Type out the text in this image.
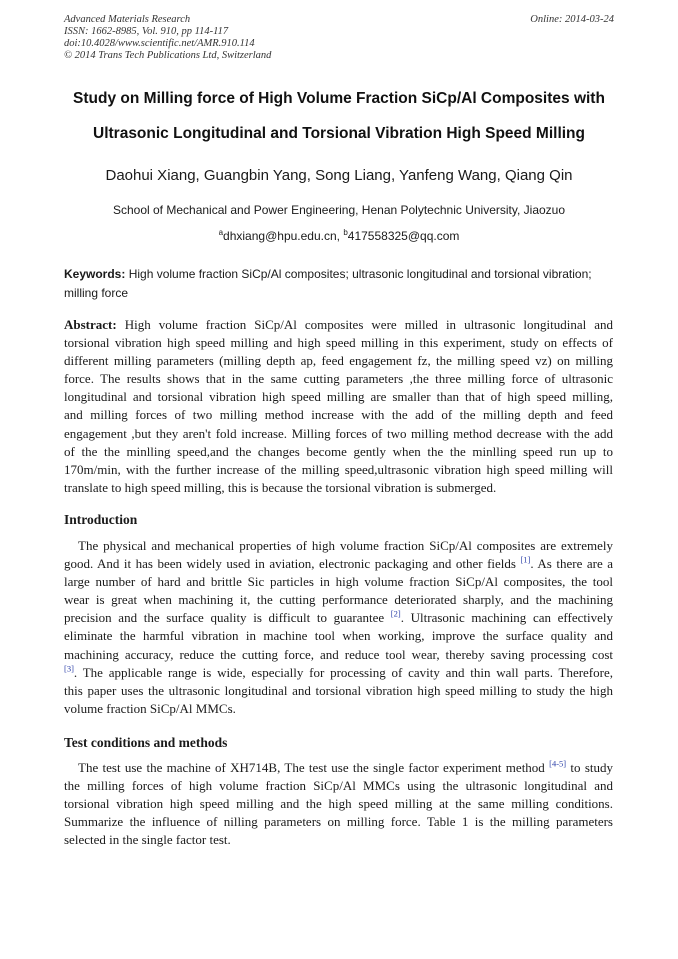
Advanced Materials Research
ISSN: 1662-8985, Vol. 910, pp 114-117
doi:10.4028/www.scientific.net/AMR.910.114
© 2014 Trans Tech Publications Ltd, Switzerland
Online: 2014-03-24
Study on Milling force of High Volume Fraction SiCp/Al Composites with
Ultrasonic Longitudinal and Torsional Vibration High Speed Milling
Daohui Xiang, Guangbin Yang, Song Liang, Yanfeng Wang, Qiang Qin
School of Mechanical and Power Engineering, Henan Polytechnic University, Jiaozuo
$^a$dhxiang@hpu.edu.cn, $^b$417558325@qq.com
Keywords: High volume fraction SiCp/Al composites; ultrasonic longitudinal and torsional vibration; milling force
Abstract: High volume fraction SiCp/Al composites were milled in ultrasonic longitudinal and
torsional vibration high speed milling and high speed milling in this experiment, study on effects of
different milling parameters (milling depth ap, feed engagement fz, the milling speed vz) on milling
force. The results shows that in the same cutting parameters ,the three milling force of ultrasonic
longitudinal and torsional vibration high speed milling are smaller than that of high speed milling,
and milling forces of two milling method increase with the add of the milling depth and feed
engagement ,but they aren't fold increase. Milling forces of two milling method decrease with the add
of the the minlling speed,and the changes become gently when the the minlling speed run up to
170m/min, with the further increase of the milling speed,ultrasonic vibration high speed milling will
translate to high speed milling, this is because the torsional vibration is submerged.
Introduction
The physical and mechanical properties of high volume fraction SiCp/Al composites are extremely
good. And it has been widely used in aviation, electronic packaging and other fields [1]. As there are a
large number of hard and brittle Sic particles in high volume fraction SiCp/Al composites, the tool
wear is great when machining it, the cutting performance deteriorated sharply, and the machining
precision and the surface quality is difficult to guarantee [2]. Ultrasonic machining can effectively
eliminate the harmful vibration in machine tool when working, improve the surface quality and
machining accuracy, reduce the cutting force, and reduce tool wear, thereby saving processing cost
[3]. The applicable range is wide, especially for processing of cavity and thin wall parts. Therefore,
this paper uses the ultrasonic longitudinal and torsional vibration high speed milling to study the high
volume fraction SiCp/Al MMCs.
Test conditions and methods
The test use the machine of XH714B, The test use the single factor experiment method [4-5] to study
the milling forces of high volume fraction SiCp/Al MMCs using the ultrasonic longitudinal and
torsional vibration high speed milling and the high speed milling at the same milling conditions.
Summarize the influence of nilling parameters on milling force. Table 1 is the milling parameters
selected in the single factor test.
